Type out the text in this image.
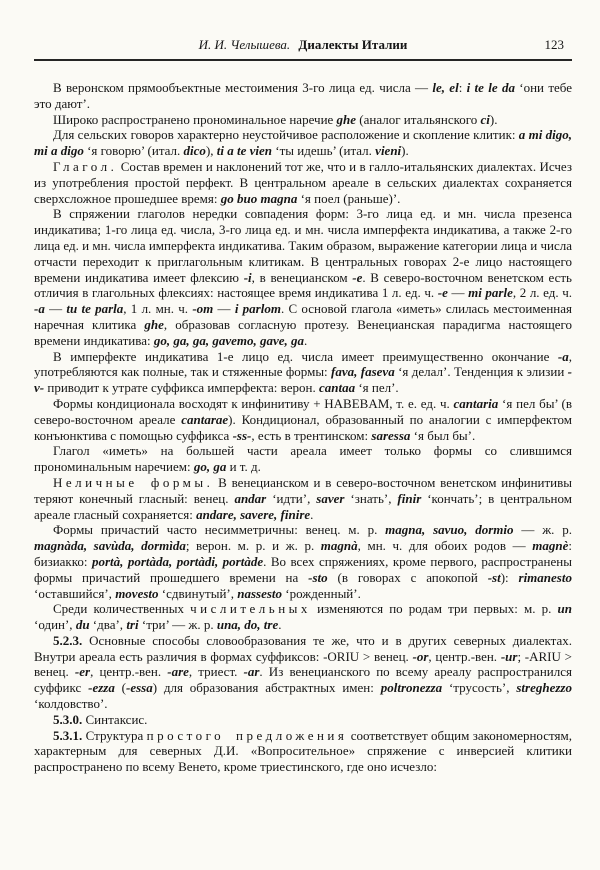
И. И. Челышева. Диалекты Италии	123

В веронском прямообъектные местоимения 3-го лица ед. числа — le, el: i te le da ‘они тебе это дают’.

Широко распространено прономинальное наречие ghe (аналог итальянского ci).

Для сельских говоров характерно неустойчивое расположение и скопление клитик: a mi digo, mi a digo ‘я говорю’ (итал. dico), ti a te vien ‘ты идешь’ (итал. vieni).

Глагол. Состав времен и наклонений тот же, что и в галло-итальянских диалектах. Исчез из употребления простой перфект. В центральном ареале в сельских диалектах сохраняется сверхсложное прошедшее время: go buo magna ‘я поел (раньше)’.

В спряжении глаголов нередки совпадения форм: 3-го лица ед. и мн. числа презенса индикатива; 1-го лица ед. числа, 3-го лица ед. и мн. числа имперфекта индикатива, а также 2-го лица ед. и мн. числа имперфекта индикатива. Таким образом, выражение категории лица и числа отчасти переходит к приглагольным клитикам. В центральных говорах 2-е лицо настоящего времени индикатива имеет флексию -i, в венецианском -e. В северо-восточном венетском есть отличия в глагольных флексиях: настоящее время индикатива 1 л. ед. ч. -e — mi parle, 2 л. ед. ч. -a — tu te parla, 1 л. мн. ч. -om — i parlom. С основой глагола «иметь» слилась местоименная наречная клитика ghe, образовав согласную протезу. Венецианская парадигма настоящего времени индикатива: go, ga, ga, gavemo, gave, ga.

В имперфекте индикатива 1-е лицо ед. числа имеет преимущественно окончание -a, употребляются как полные, так и стяженные формы: fava, faseva ‘я делал’. Тенденция к элизии -v- приводит к утрате суффикса имперфекта: верон. cantaa ‘я пел’.

Формы кондиционала восходят к инфинитиву + HABEBAM, т. е. ед. ч. cantaria ‘я пел бы’ (в северо-восточном ареале cantarae). Кондиционал, образованный по аналогии с имперфектом конъюнктива с помощью суффикса -ss-, есть в трентинском: saressa ‘я был бы’.

Глагол «иметь» на большей части ареала имеет только формы со слившимся прономинальным наречием: go, ga и т. д.

Неличные формы. В венецианском и в северо-восточном венетском инфинитивы теряют конечный гласный: венец. andar ‘идти’, saver ‘знать’, finir ‘кончать’; в центральном ареале гласный сохраняется: andare, savere, finire.

Формы причастий часто несимметричны: венец. м. р. magna, savuo, dormio — ж. р. magnàda, savùda, dormìda; верон. м. р. и ж. р. magnà, мн. ч. для обоих родов — magnè: бизиакко: portà, portàda, portàdi, portàde. Во всех спряжениях, кроме первого, распространены формы причастий прошедшего времени на -sto (в говорах с апокопой -st): rimanesto ‘оставшийся’, movesto ‘сдвинутый’, nassesto ‘рожденный’.

Среди количественных числительных изменяются по родам три первых: м. р. un ‘один’, du ‘два’, tri ‘три’ — ж. р. una, do, tre.

5.2.3. Основные способы словообразования те же, что и в других северных диалектах. Внутри ареала есть различия в формах суффиксов: -ORIU > венец. -or, центр.-вен. -ur; -ARIU > венец. -er, центр.-вен. -are, триест. -ar. Из венецианского по всему ареалу распространился суффикс -ezza (-essa) для образования абстрактных имен: poltronezza ‘трусость’, streghezzo ‘колдовство’.

5.3.0. Синтаксис.

5.3.1. Структура простого предложения соответствует общим закономерностям, характерным для северных Д.И. «Вопросительное» спряжение с инверсией клитики распространено по всему Венето, кроме триестинского, где оно исчезло:
